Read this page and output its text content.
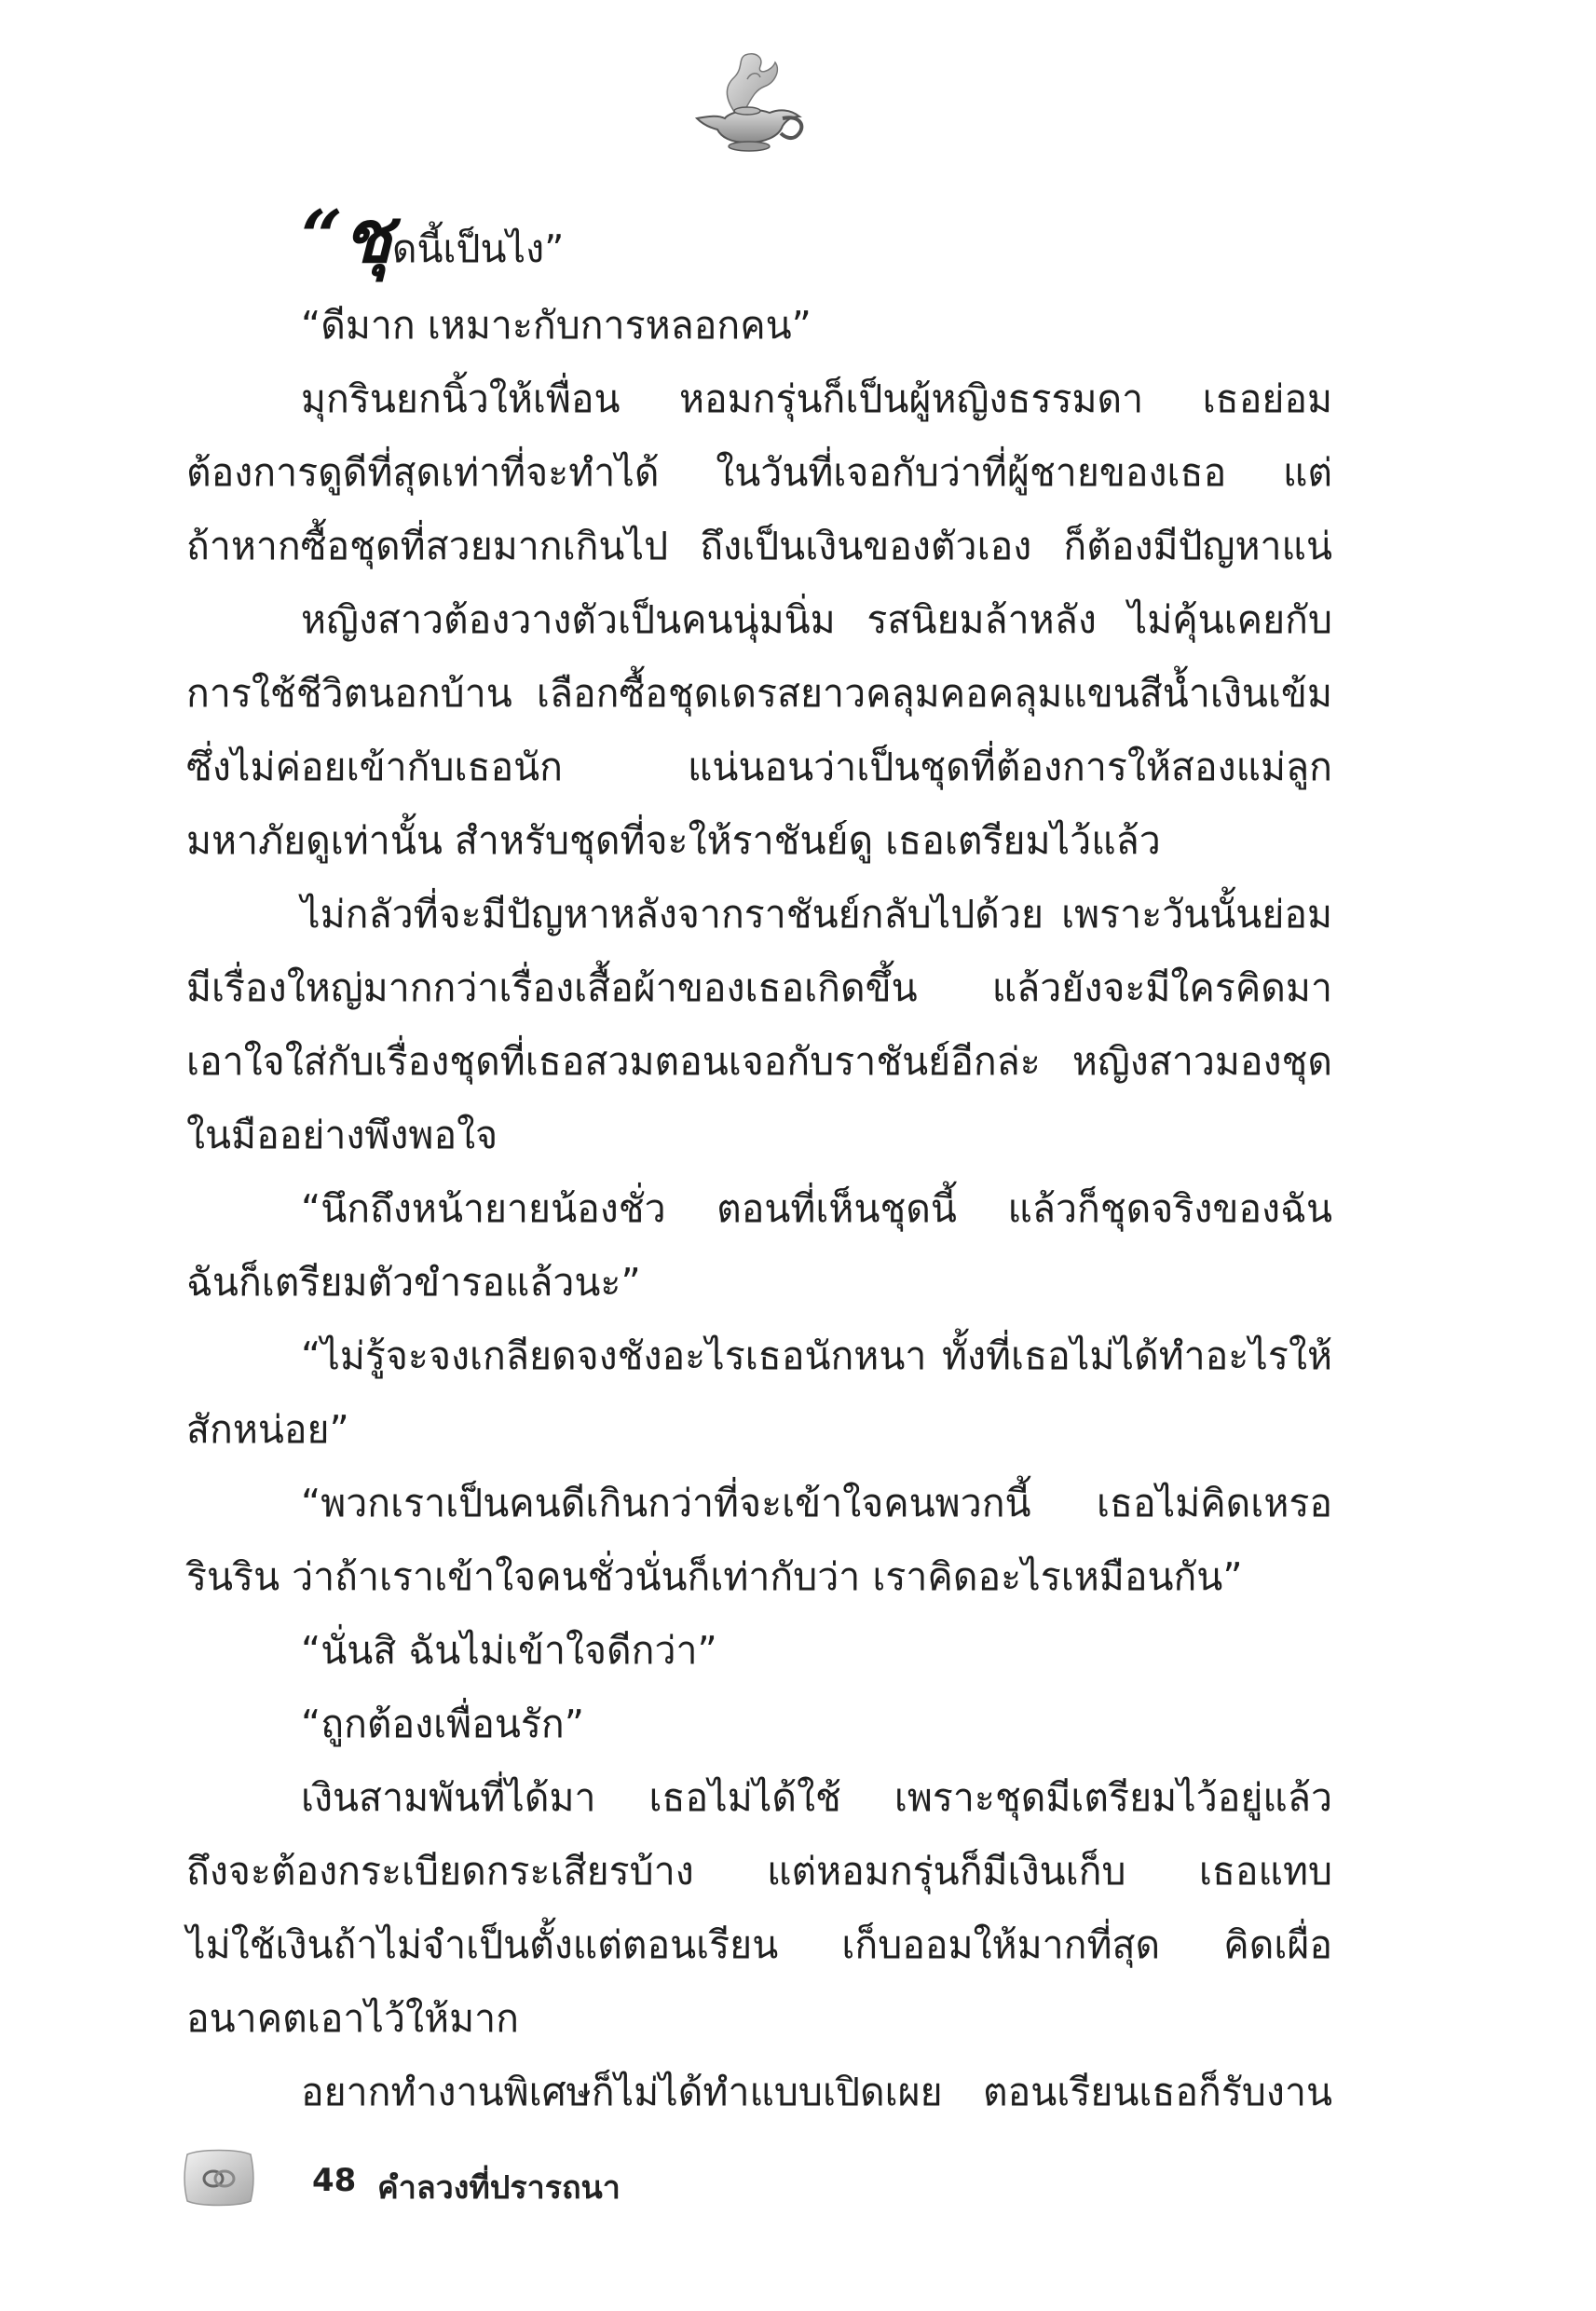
“ชุดนี้เป็นไง”
“ดีมาก เหมาะกับการหลอกคน”
มุกรินยกนิ้วให้เพื่อน หอมกรุ่นก็เป็นผู้หญิงธรรมดา เธอย่อม
ต้องการดูดีที่สุดเท่าที่จะทำได้ ในวันที่เจอกับว่าที่ผู้ชายของเธอ แต่
ถ้าหากซื้อชุดที่สวยมากเกินไป ถึงเป็นเงินของตัวเอง ก็ต้องมีปัญหาแน่
หญิงสาวต้องวางตัวเป็นคนนุ่มนิ่ม รสนิยมล้าหลัง ไม่คุ้นเคยกับ
การใช้ชีวิตนอกบ้าน เลือกซื้อชุดเดรสยาวคลุมคอคลุมแขนสีน้ำเงินเข้ม
ซึ่งไม่ค่อยเข้ากับเธอนัก แน่นอนว่าเป็นชุดที่ต้องการให้สองแม่ลูก
มหาภัยดูเท่านั้น สำหรับชุดที่จะให้ราชันย์ดู เธอเตรียมไว้แล้ว
ไม่กลัวที่จะมีปัญหาหลังจากราชันย์กลับไปด้วย เพราะวันนั้นย่อม
มีเรื่องใหญ่มากกว่าเรื่องเสื้อผ้าของเธอเกิดขึ้น แล้วยังจะมีใครคิดมา
เอาใจใส่กับเรื่องชุดที่เธอสวมตอนเจอกับราชันย์อีกล่ะ หญิงสาวมองชุด
ในมืออย่างพึงพอใจ
“นึกถึงหน้ายายน้องชั่ว ตอนที่เห็นชุดนี้ แล้วก็ชุดจริงของฉัน
ฉันก็เตรียมตัวขำรอแล้วนะ”
“ไม่รู้จะจงเกลียดจงชังอะไรเธอนักหนา ทั้งที่เธอไม่ได้ทำอะไรให้
สักหน่อย”
“พวกเราเป็นคนดีเกินกว่าที่จะเข้าใจคนพวกนี้ เธอไม่คิดเหรอ
รินริน ว่าถ้าเราเข้าใจคนชั่วนั่นก็เท่ากับว่า เราคิดอะไรเหมือนกัน”
“นั่นสิ ฉันไม่เข้าใจดีกว่า”
“ถูกต้องเพื่อนรัก”
เงินสามพันที่ได้มา เธอไม่ได้ใช้ เพราะชุดมีเตรียมไว้อยู่แล้ว
ถึงจะต้องกระเบียดกระเสียรบ้าง แต่หอมกรุ่นก็มีเงินเก็บ เธอแทบ
ไม่ใช้เงินถ้าไม่จำเป็นตั้งแต่ตอนเรียน เก็บออมให้มากที่สุด คิดเผื่อ
อนาคตเอาไว้ให้มาก
อยากทำงานพิเศษก็ไม่ได้ทำแบบเปิดเผย ตอนเรียนเธอก็รับงาน
48 คำลวงที่ปรารถนา
